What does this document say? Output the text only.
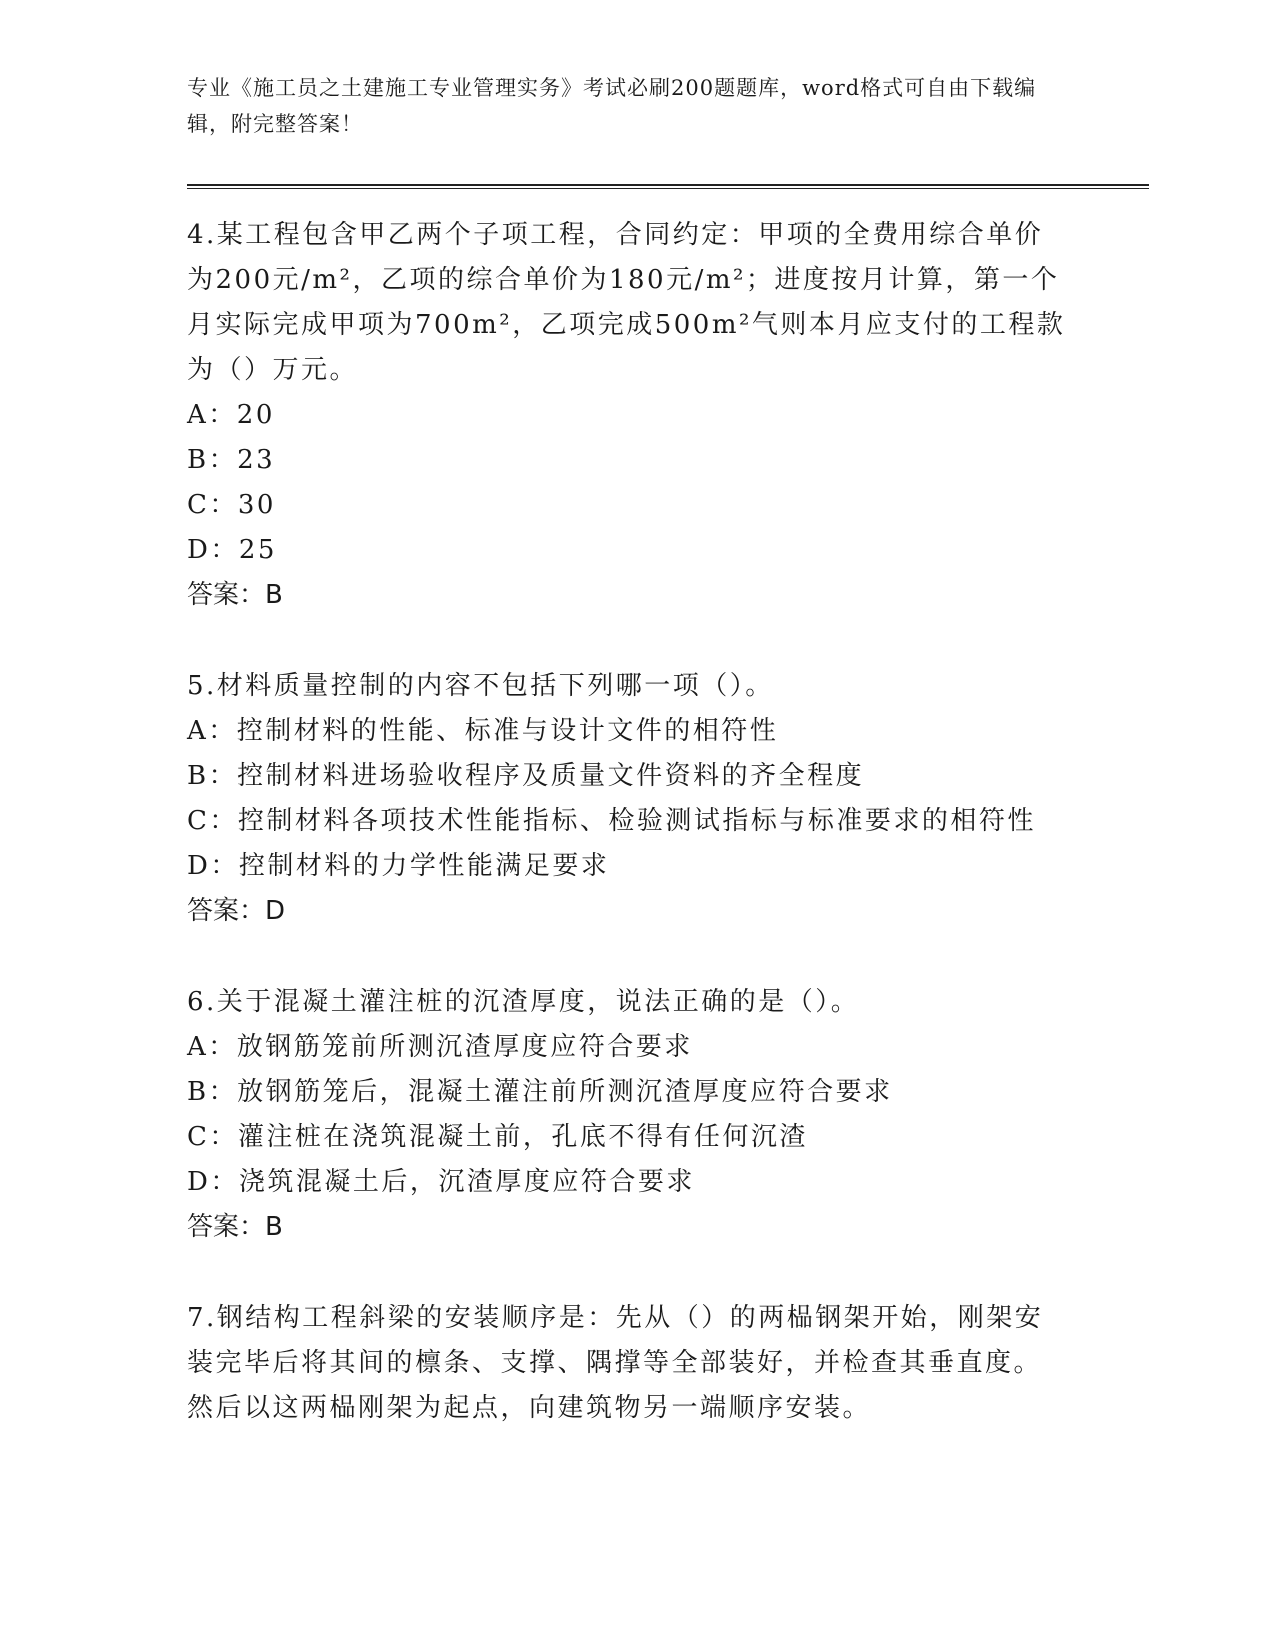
专业《施工员之土建施工专业管理实务》考试必刷200题题库，word格式可自由下载编辑，附完整答案！

4.某工程包含甲乙两个子项工程，合同约定：甲项的全费用综合单价为200元/m²，乙项的综合单价为180元/m²；进度按月计算，第一个月实际完成甲项为700m²，乙项完成500m²气则本月应支付的工程款为（）万元。

A：20

B：23

C：30

D：25

答案：B

5.材料质量控制的内容不包括下列哪一项（）。

A：控制材料的性能、标准与设计文件的相符性

B：控制材料进场验收程序及质量文件资料的齐全程度

C：控制材料各项技术性能指标、检验测试指标与标准要求的相符性

D：控制材料的力学性能满足要求

答案：D

6.关于混凝土灌注桩的沉渣厚度，说法正确的是（）。

A：放钢筋笼前所测沉渣厚度应符合要求

B：放钢筋笼后，混凝土灌注前所测沉渣厚度应符合要求

C：灌注桩在浇筑混凝土前，孔底不得有任何沉渣

D：浇筑混凝土后，沉渣厚度应符合要求

答案：B

7.钢结构工程斜梁的安装顺序是：先从（）的两榀钢架开始，刚架安装完毕后将其间的檩条、支撑、隅撑等全部装好，并检查其垂直度。然后以这两榀刚架为起点，向建筑物另一端顺序安装。
